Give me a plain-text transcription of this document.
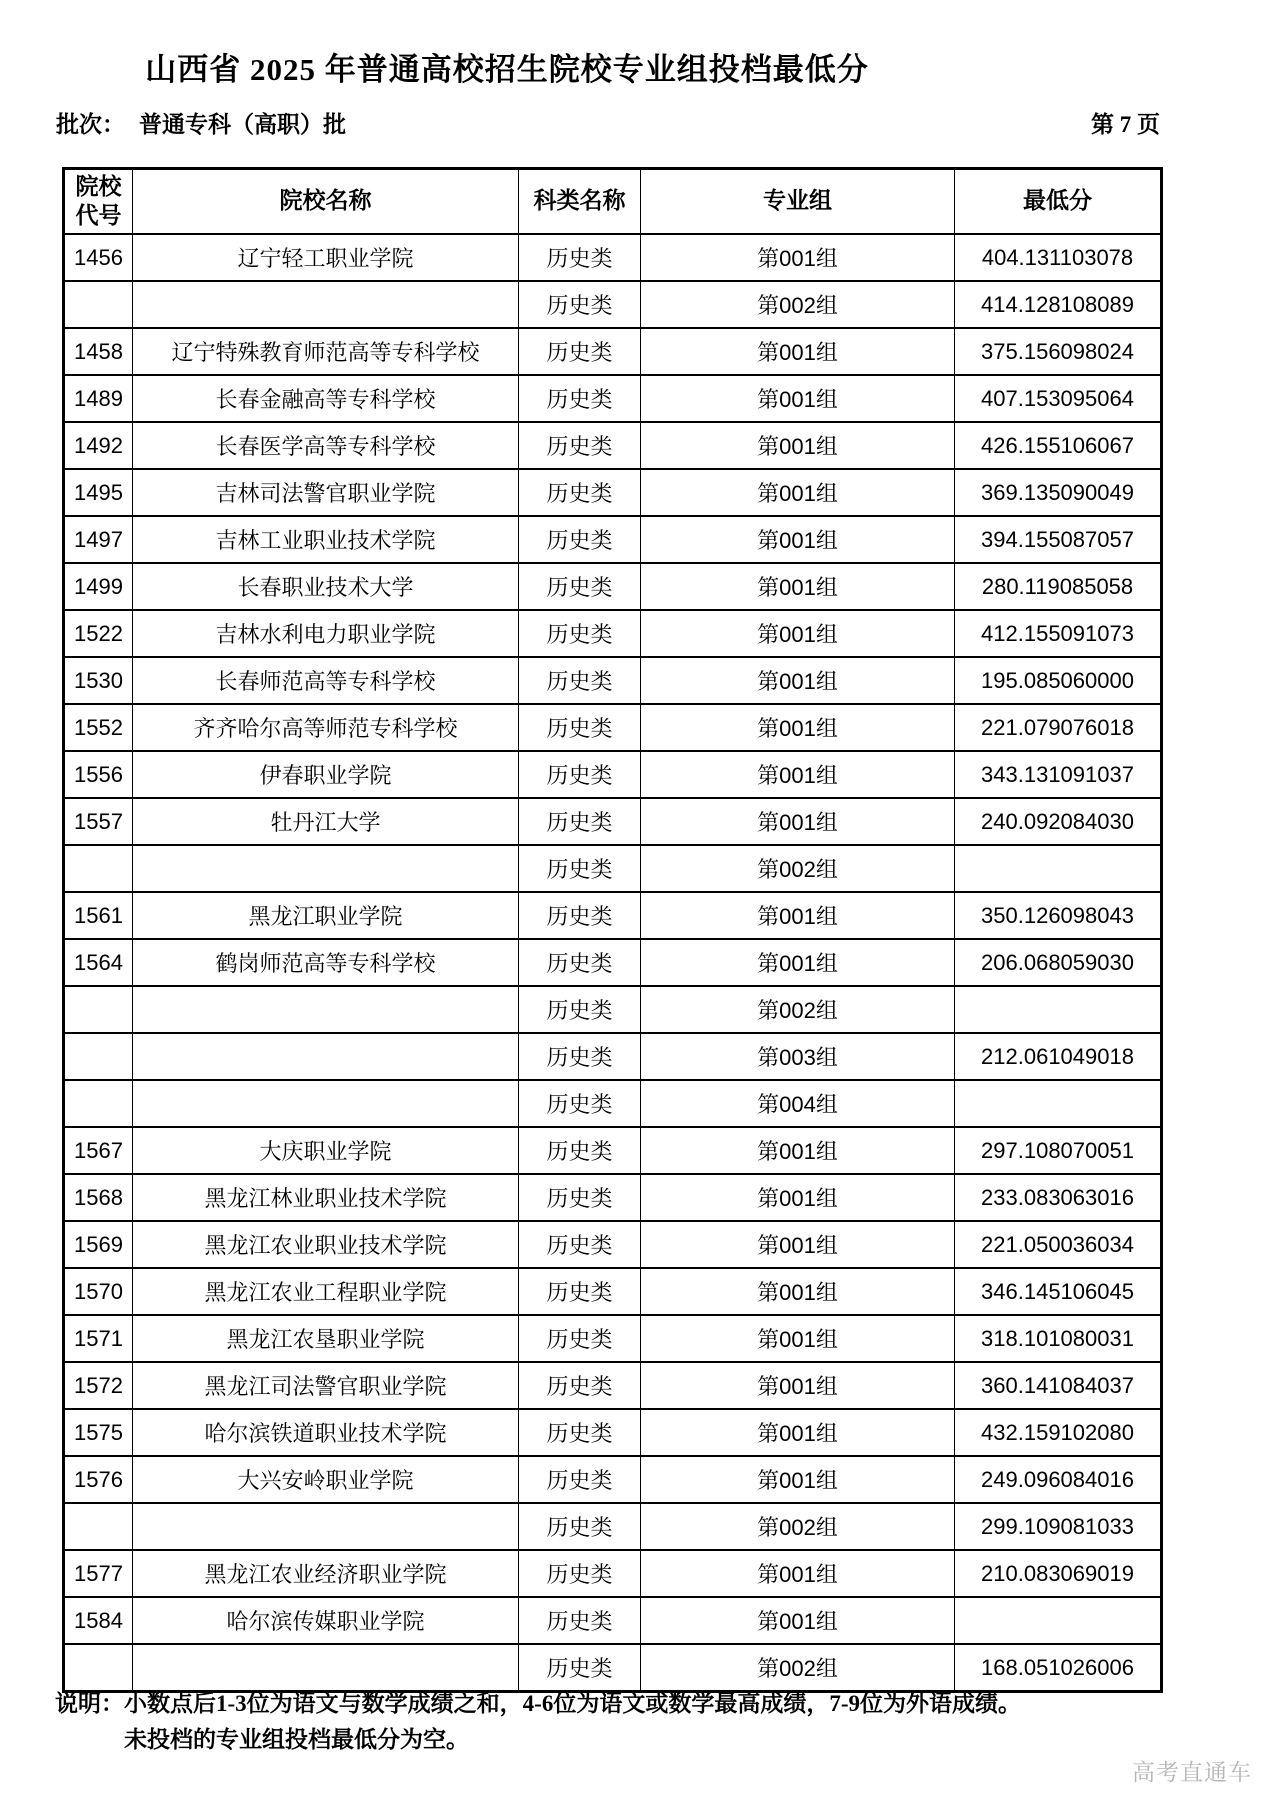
山西省 2025 年普通高校招生院校专业组投档最低分
批次： 普通专科（高职）批	第 7 页
院校代号	院校名称	科类名称	专业组	最低分
1456	辽宁轻工职业学院	历史类	第001组	404.131103078
		历史类	第002组	414.128108089
1458	辽宁特殊教育师范高等专科学校	历史类	第001组	375.156098024
1489	长春金融高等专科学校	历史类	第001组	407.153095064
1492	长春医学高等专科学校	历史类	第001组	426.155106067
1495	吉林司法警官职业学院	历史类	第001组	369.135090049
1497	吉林工业职业技术学院	历史类	第001组	394.155087057
1499	长春职业技术大学	历史类	第001组	280.119085058
1522	吉林水利电力职业学院	历史类	第001组	412.155091073
1530	长春师范高等专科学校	历史类	第001组	195.085060000
1552	齐齐哈尔高等师范专科学校	历史类	第001组	221.079076018
1556	伊春职业学院	历史类	第001组	343.131091037
1557	牡丹江大学	历史类	第001组	240.092084030
		历史类	第002组	
1561	黑龙江职业学院	历史类	第001组	350.126098043
1564	鹤岗师范高等专科学校	历史类	第001组	206.068059030
		历史类	第002组	
		历史类	第003组	212.061049018
		历史类	第004组	
1567	大庆职业学院	历史类	第001组	297.108070051
1568	黑龙江林业职业技术学院	历史类	第001组	233.083063016
1569	黑龙江农业职业技术学院	历史类	第001组	221.050036034
1570	黑龙江农业工程职业学院	历史类	第001组	346.145106045
1571	黑龙江农垦职业学院	历史类	第001组	318.101080031
1572	黑龙江司法警官职业学院	历史类	第001组	360.141084037
1575	哈尔滨铁道职业技术学院	历史类	第001组	432.159102080
1576	大兴安岭职业学院	历史类	第001组	249.096084016
		历史类	第002组	299.109081033
1577	黑龙江农业经济职业学院	历史类	第001组	210.083069019
1584	哈尔滨传媒职业学院	历史类	第001组	
		历史类	第002组	168.051026006
说明： 小数点后1-3位为语文与数学成绩之和，4-6位为语文或数学最高成绩，7-9位为外语成绩。
未投档的专业组投档最低分为空。
高考直通车
